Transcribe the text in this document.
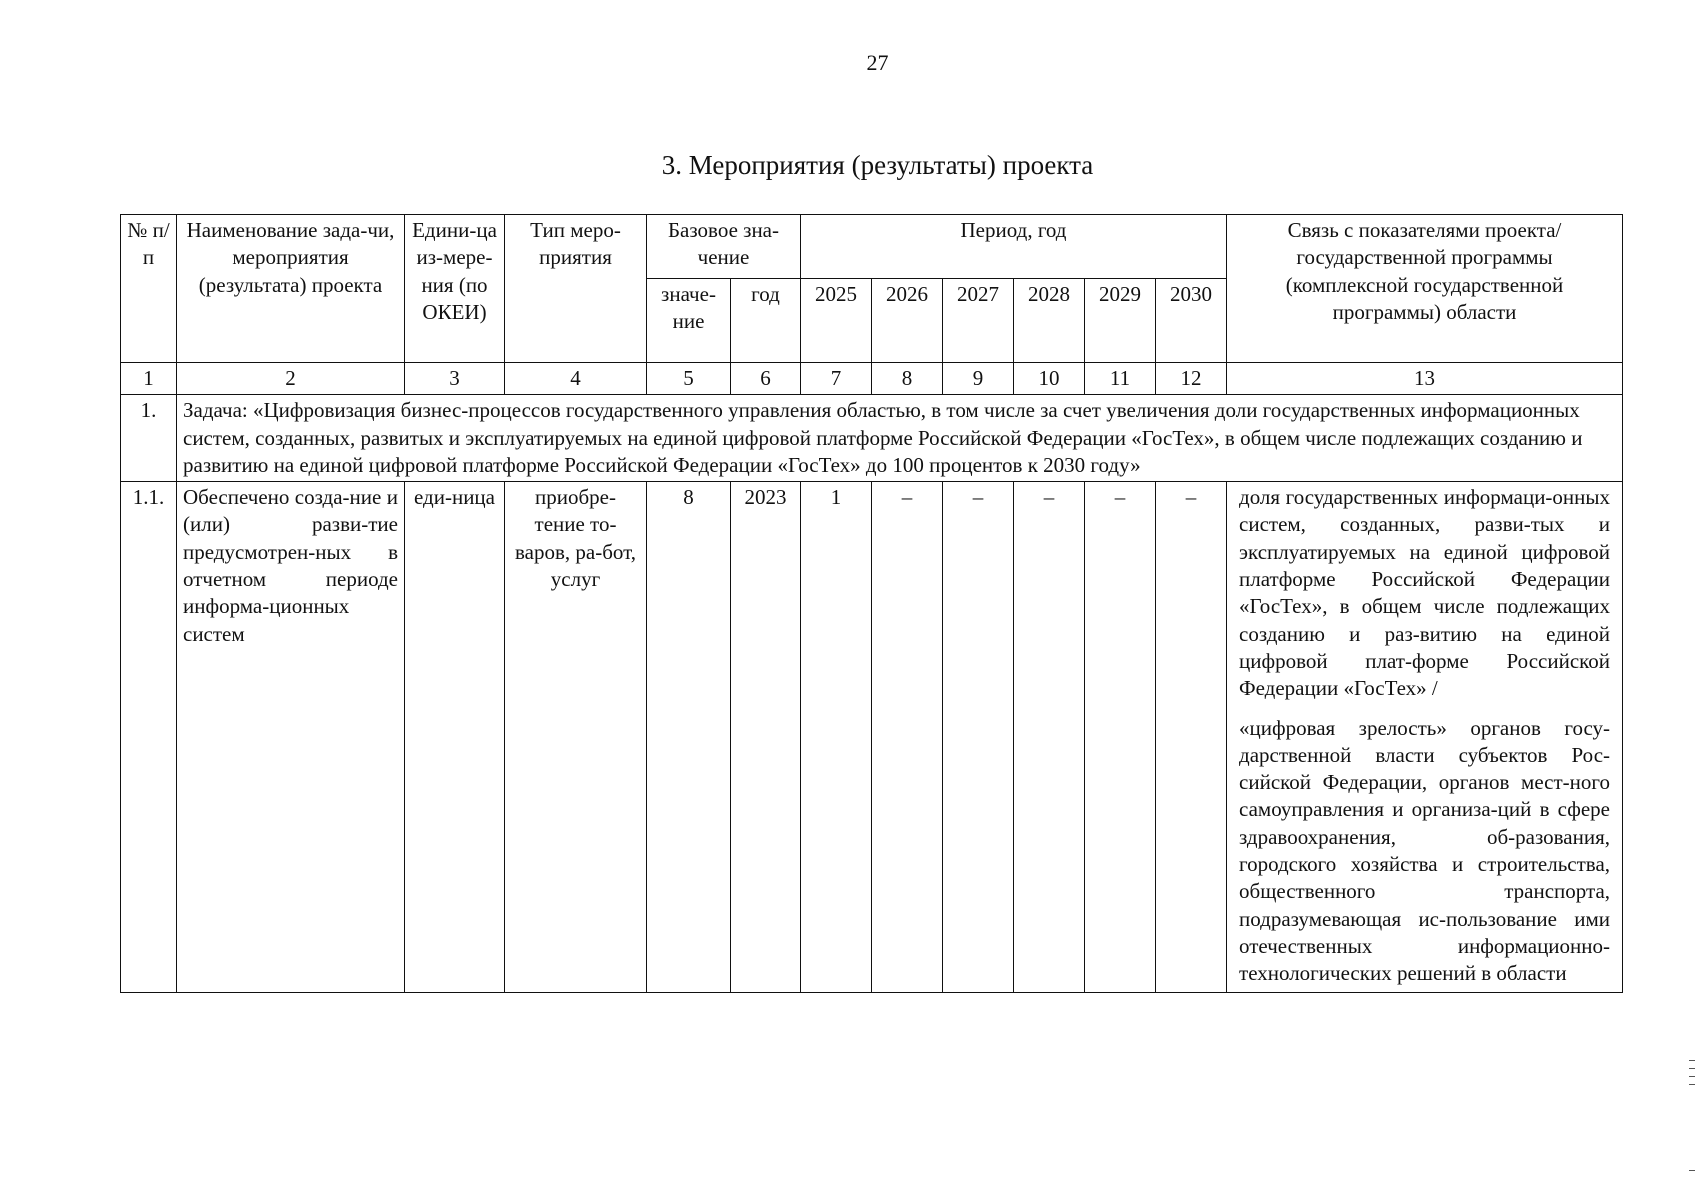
27
3. Мероприятия (результаты) проекта
№ п/п	Наименование зада-чи, мероприятия (результата) проекта	Едини-ца из-мере-ния (по ОКЕИ)	Тип меро-приятия	Базовое зна-чение		Период, год						Связь с показателями проекта/ государственной программы (комплексной государственной программы) области
				значе-ние	год	2025	2026	2027	2028	2029	2030	
1	2	3	4	5	6	7	8	9	10	11	12	13
1.	Задача: «Цифровизация бизнес-процессов государственного управления областью, в том числе за счет увеличения доли государственных информационных систем, созданных, развитых и эксплуатируемых на единой цифровой платформе Российской Федерации «ГосТех», в общем числе подлежащих созданию и развитию на единой цифровой платформе Российской Федерации «ГосТех» до 100 процентов к 2030 году»											
1.1.	Обеспечено созда-ние и (или) разви-тие предусмотрен-ных в отчетном периоде информа-ционных систем	еди-ница	приобре-тение то-варов, ра-бот, услуг	8	2023	1	–	–	–	–	–	доля государственных информаци-онных систем, созданных, разви-тых и эксплуатируемых на единой цифровой платформе Российской Федерации «ГосТех», в общем числе подлежащих созданию и раз-витию на единой цифровой плат-форме Российской Федерации «ГосТех» /
«цифровая зрелость» органов госу-дарственной власти субъектов Рос-сийской Федерации, органов мест-ного самоуправления и организа-ций в сфере здравоохранения, об-разования, городского хозяйства и строительства, общественного транспорта, подразумевающая ис-пользование ими отечественных информационно-технологических решений в области
